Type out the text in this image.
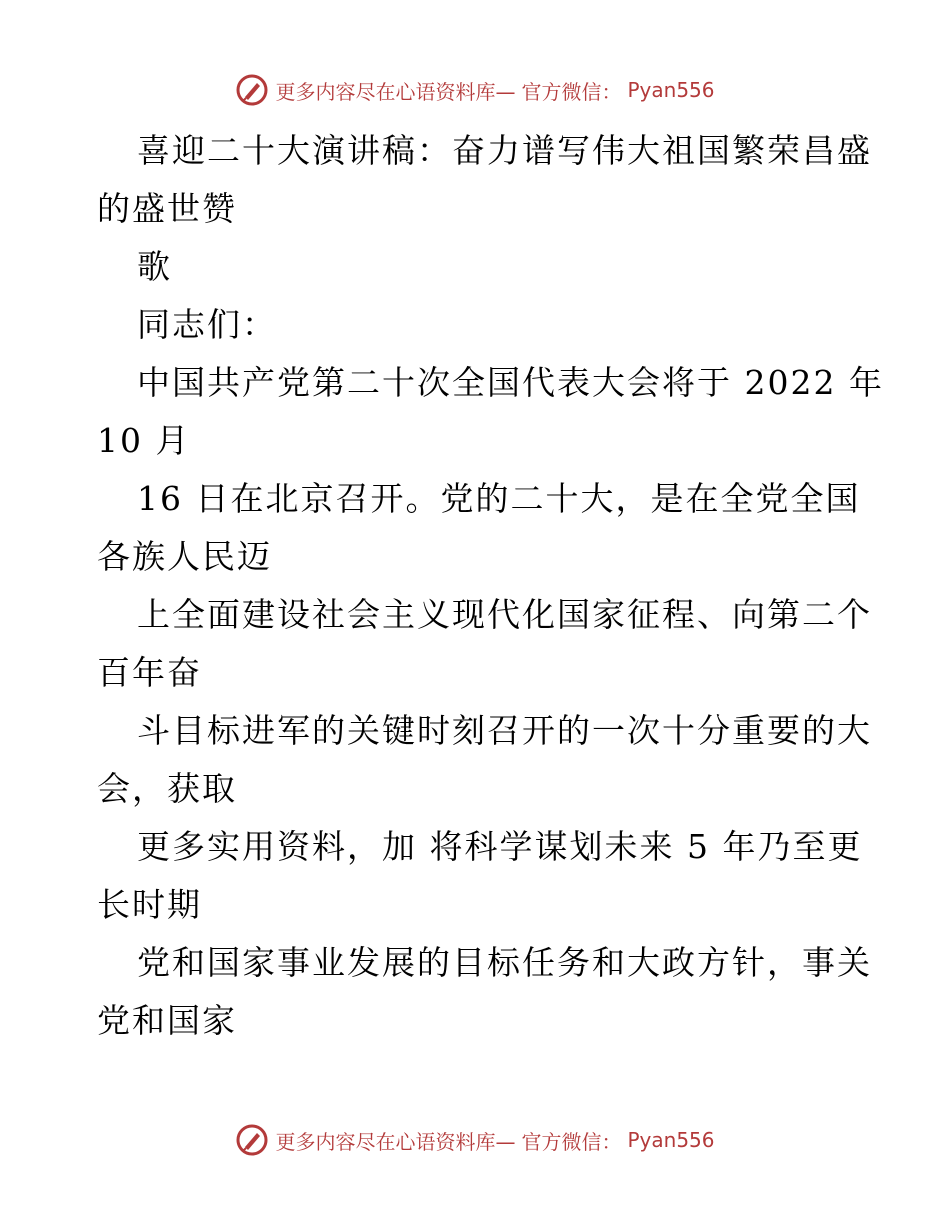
更多内容尽在心语资料库— 官方微信： Pyan556
喜迎二十大演讲稿：奋力谱写伟大祖国繁荣昌盛
的盛世赞
歌
同志们：
中国共产党第二十次全国代表大会将于 2022 年
10 月
16 日在北京召开。党的二十大，是在全党全国
各族人民迈
上全面建设社会主义现代化国家征程、向第二个
百年奋
斗目标进军的关键时刻召开的一次十分重要的大
会，获取
更多实用资料，加 将科学谋划未来 5 年乃至更
长时期
党和国家事业发展的目标任务和大政方针，事关
党和国家
更多内容尽在心语资料库— 官方微信： Pyan556
